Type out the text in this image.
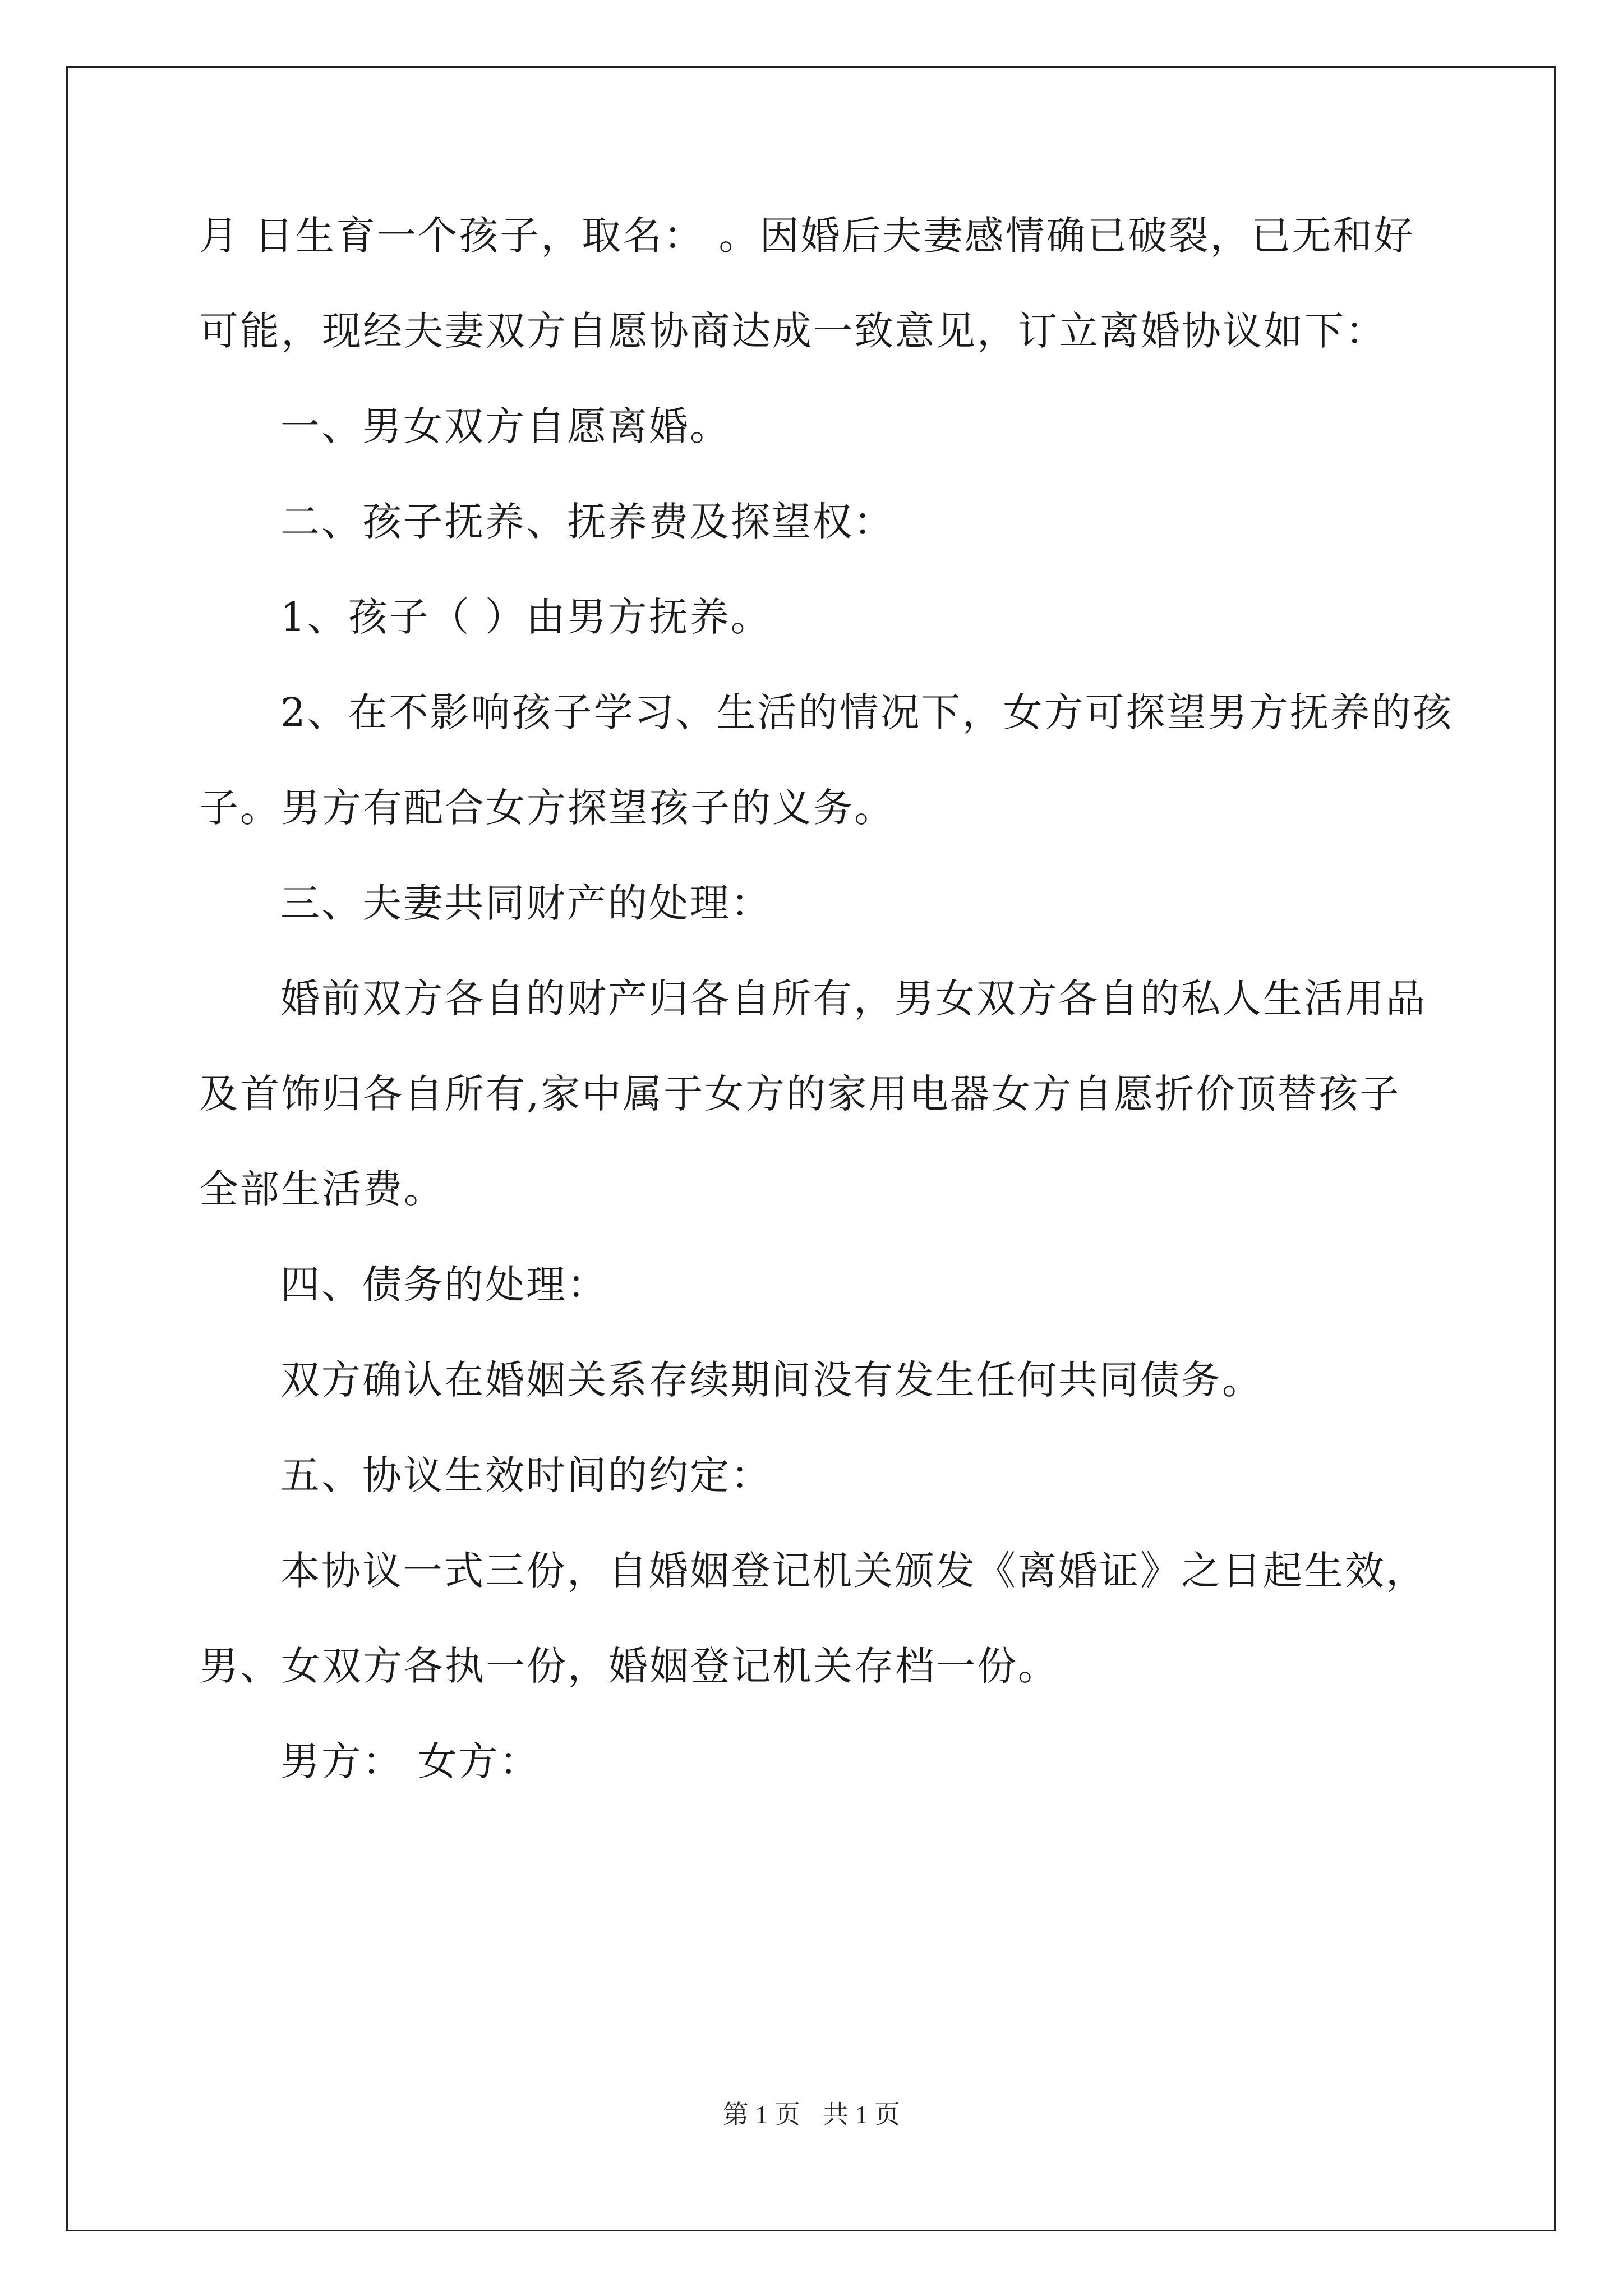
月 日生育一个孩子，取名： 。因婚后夫妻感情确已破裂，已无和好

可能，现经夫妻双方自愿协商达成一致意见，订立离婚协议如下：

一、男女双方自愿离婚。

二、孩子抚养、抚养费及探望权：

1、孩子（ ）由男方抚养。

2、在不影响孩子学习、生活的情况下，女方可探望男方抚养的孩

子。男方有配合女方探望孩子的义务。

三、夫妻共同财产的处理：

婚前双方各自的财产归各自所有，男女双方各自的私人生活用品

及首饰归各自所有,家中属于女方的家用电器女方自愿折价顶替孩子

全部生活费。

四、债务的处理：

双方确认在婚姻关系存续期间没有发生任何共同债务。

五、协议生效时间的约定：

本协议一式三份，自婚姻登记机关颁发《离婚证》之日起生效，

男、女双方各执一份，婚姻登记机关存档一份。

男方： 女方：

第 1 页 共 1 页
